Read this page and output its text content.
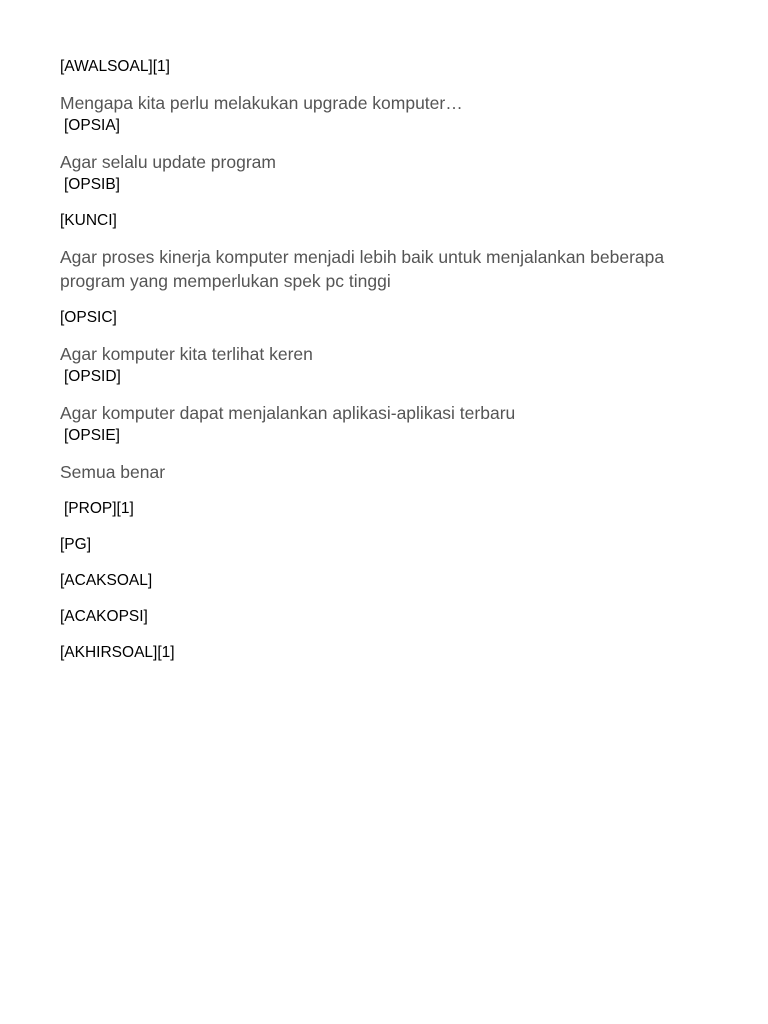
[AWALSOAL][1]

Mengapa kita perlu melakukan upgrade komputer…

[OPSIA]

Agar selalu update program

[OPSIB]

[KUNCI]

Agar proses kinerja komputer menjadi lebih baik untuk menjalankan beberapa program yang memperlukan spek pc tinggi

[OPSIC]

Agar komputer kita terlihat keren

[OPSID]

Agar komputer dapat menjalankan aplikasi-aplikasi terbaru

[OPSIE]

Semua benar

[PROP][1]

[PG]

[ACAKSOAL]

[ACAKOPSI]

[AKHIRSOAL][1]
